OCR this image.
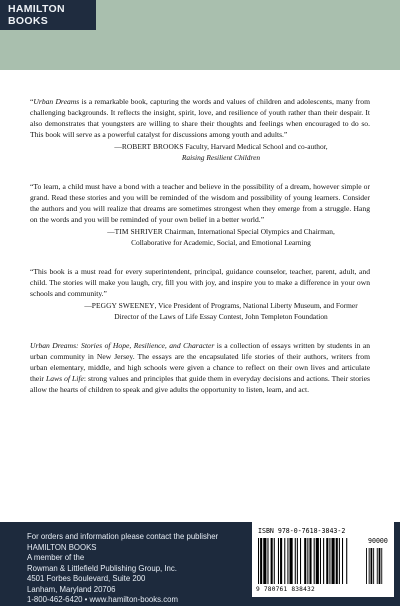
HAMILTON BOOKS

“Urban Dreams is a remarkable book, capturing the words and values of children and adolescents, many from challenging backgrounds. It reflects the insight, spirit, love, and resilience of youth rather than their despair. It also demonstrates that youngsters are willing to share their thoughts and feelings when encouraged to do so. This book will serve as a powerful catalyst for discussions among youth and adults.”

—ROBERT BROOKS Faculty, Harvard Medical School and co-author,
Raising Resilient Children

“To learn, a child must have a bond with a teacher and believe in the possibility of a dream, however simple or grand. Read these stories and you will be reminded of the wisdom and possibility of young learners. Consider the authors and you will realize that dreams are sometimes strongest when they emerge from a struggle. Hang on the words and you will be reminded of your own belief in a better world.”

—TIM SHRIVER Chairman, International Special Olympics and Chairman,
Collaborative for Academic, Social, and Emotional Learning

“This book is a must read for every superintendent, principal, guidance counselor, teacher, parent, adult, and child. The stories will make you laugh, cry, fill you with joy, and inspire you to make a difference in your own schools and community.”

—PEGGY SWEENEY, Vice President of Programs, National Liberty Museum, and Former
Director of the Laws of Life Essay Contest, John Templeton Foundation

Urban Dreams: Stories of Hope, Resilience, and Character is a collection of essays written by students in an urban community in New Jersey. The essays are the encapsulated life stories of their authors, writers from urban elementary, middle, and high schools were given a chance to reflect on their own lives and articulate their Laws of Life: strong values and principles that guide them in everyday decisions and actions. Their stories allow the hearts of children to speak and give adults the opportunity to listen, learn, and act.

For orders and information please contact the publisher
HAMILTON BOOKS
A member of the
Rowman & Littlefield Publishing Group, Inc.
4501 Forbes Boulevard, Suite 200
Lanham, Maryland 20706
1-800-462-6420 • www.hamilton-books.com
ISBN 978-0-7618-3843-2
90000
9 780761 838432
